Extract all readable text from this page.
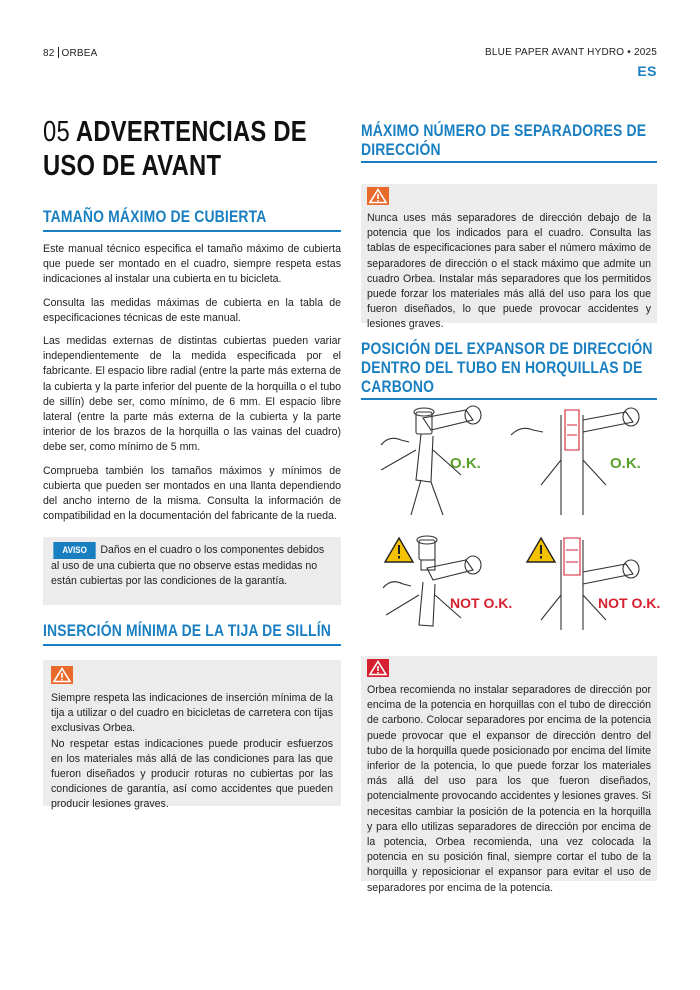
82 ORBEA	BLUE PAPER AVANT HYDRO • 2025
ES
05 ADVERTENCIAS DE USO DE AVANT
TAMAÑO MÁXIMO DE CUBIERTA

Este manual técnico especifica el tamaño máximo de cubierta que puede ser montado en el cuadro, siempre respeta estas indicaciones al instalar una cubierta en tu bicicleta.

Consulta las medidas máximas de cubierta en la tabla de especificaciones técnicas de este manual.

Las medidas externas de distintas cubiertas pueden variar independientemente de la medida especificada por el fabricante. El espacio libre radial (entre la parte más externa de la cubierta y la parte inferior del puente de la horquilla o el tubo de sillín) debe ser, como mínimo, de 6 mm. El espacio libre lateral (entre la parte más externa de la cubierta y la parte interior de los brazos de la horquilla o las vainas del cuadro) debe ser, como mínimo de 5 mm.

Comprueba también los tamaños máximos y mínimos de cubierta que pueden ser montados en una llanta dependiendo del ancho interno de la misma. Consulta la información de compatibilidad en la documentación del fabricante de la rueda.

AVISO Daños en el cuadro o los componentes debidos al uso de una cubierta que no observe estas medidas no están cubiertas por las condiciones de la garantía.

INSERCIÓN MÍNIMA DE LA TIJA DE SILLÍN

Siempre respeta las indicaciones de inserción mínima de la tija a utilizar o del cuadro en bicicletas de carretera con tijas exclusivas Orbea.

No respetar estas indicaciones puede producir esfuerzos en los materiales más allá de las condiciones para las que fueron diseñados y producir roturas no cubiertas por las condiciones de garantía, así como accidentes que pueden producir lesiones graves.

MÁXIMO NÚMERO DE SEPARADORES DE DIRECCIÓN

Nunca uses más separadores de dirección debajo de la potencia que los indicados para el cuadro. Consulta las tablas de especificaciones para saber el número máximo de separadores de dirección o el stack máximo que admite un cuadro Orbea. Instalar más separadores que los permitidos puede forzar los materiales más allá del uso para los que fueron diseñados, lo que puede provocar accidentes y lesiones graves.

POSICIÓN DEL EXPANSOR DE DIRECCIÓN DENTRO DEL TUBO EN HORQUILLAS DE CARBONO
O.K.	O.K.
NOT O.K.	NOT O.K.

Orbea recomienda no instalar separadores de dirección por encima de la potencia en horquillas con el tubo de dirección de carbono. Colocar separadores por encima de la potencia puede provocar que el expansor de dirección dentro del tubo de la horquilla quede posicionado por encima del límite inferior de la potencia, lo que puede forzar los materiales más allá del uso para los que fueron diseñados, potencialmente provocando accidentes y lesiones graves. Si necesitas cambiar la posición de la potencia en la horquilla y para ello utilizas separadores de dirección por encima de la potencia, Orbea recomienda, una vez colocada la potencia en su posición final, siempre cortar el tubo de la horquilla y reposicionar el expansor para evitar el uso de separadores por encima de la potencia.
